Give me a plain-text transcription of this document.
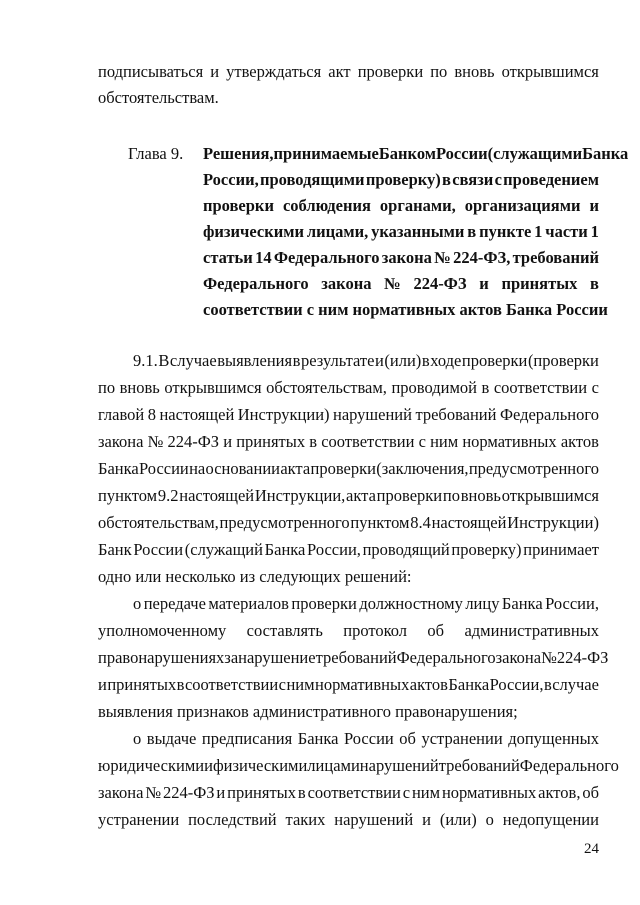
подписываться и утверждаться акт проверки по вновь открывшимся
обстоятельствам.
Глава 9. Решения, принимаемые Банком России (служащими Банка
России, проводящими проверку) в связи с проведением
проверки соблюдения органами, организациями и
физическими лицами, указанными в пункте 1 части 1
статьи 14 Федерального закона № 224-ФЗ, требований
Федерального закона № 224-ФЗ и принятых в
соответствии с ним нормативных актов Банка России
9.1. В случае выявления в результате и (или) в ходе проверки (проверки
по вновь открывшимся обстоятельствам, проводимой в соответствии с
главой 8 настоящей Инструкции) нарушений требований Федерального
закона № 224-ФЗ и принятых в соответствии с ним нормативных актов
Банка России на основании акта проверки (заключения, предусмотренного
пунктом 9.2 настоящей Инструкции, акта проверки по вновь открывшимся
обстоятельствам, предусмотренного пунктом 8.4 настоящей Инструкции)
Банк России (служащий Банка России, проводящий проверку) принимает
одно или несколько из следующих решений:
о передаче материалов проверки должностному лицу Банка России,
уполномоченному составлять протокол об административных
правонарушениях за нарушение требований Федерального закона № 224-ФЗ
и принятых в соответствии с ним нормативных актов Банка России, в случае
выявления признаков административного правонарушения;
о выдаче предписания Банка России об устранении допущенных
юридическими и физическими лицами нарушений требований Федерального
закона № 224-ФЗ и принятых в соответствии с ним нормативных актов, об
устранении последствий таких нарушений и (или) о недопущении
24
